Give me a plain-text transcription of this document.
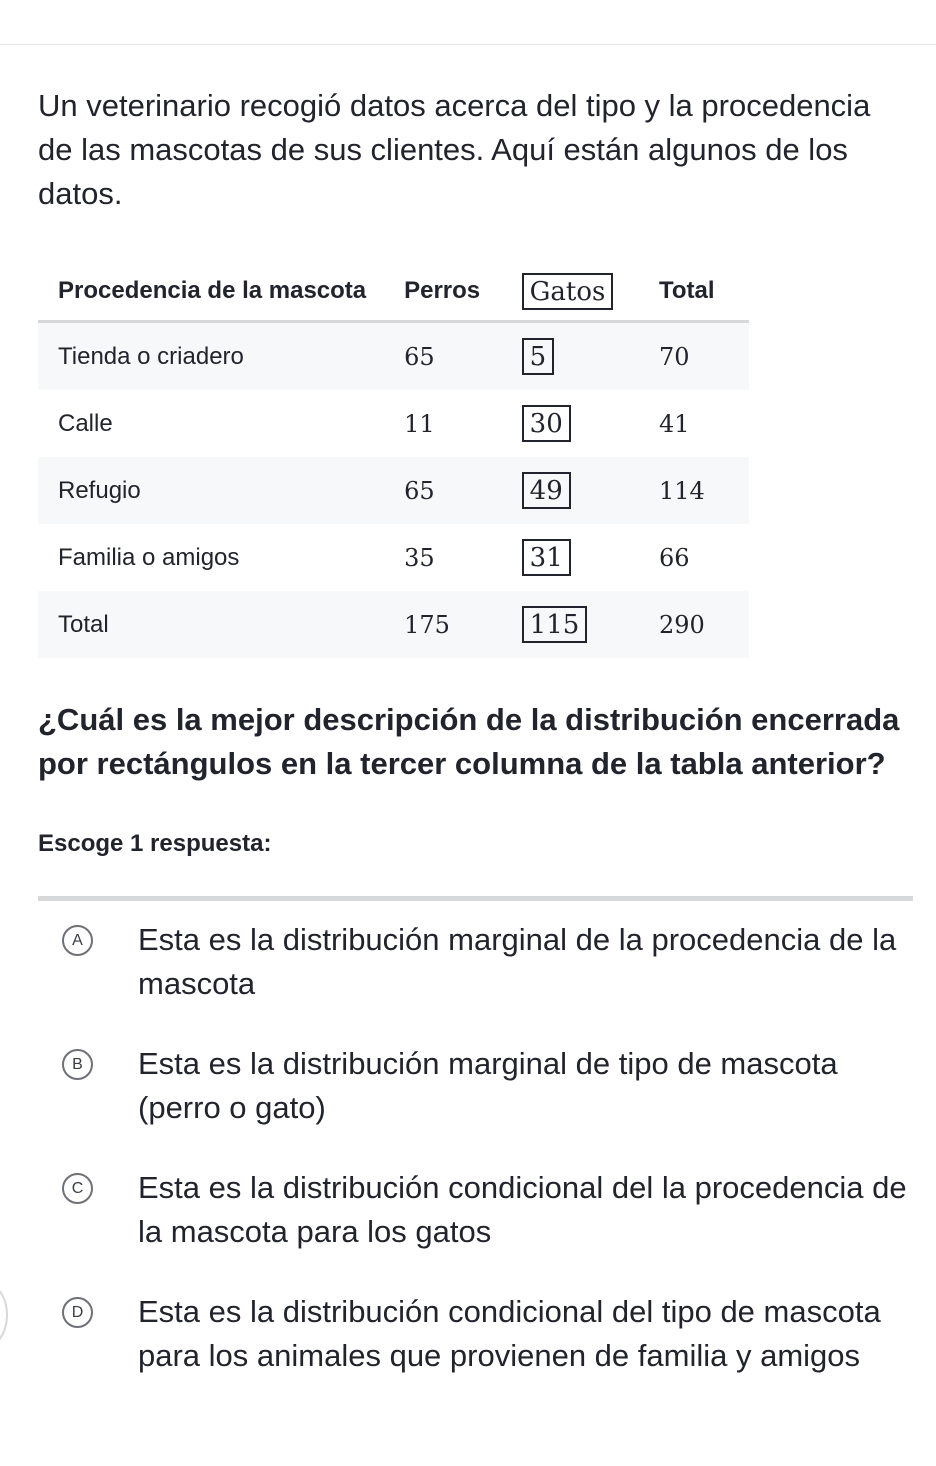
Un veterinario recogió datos acerca del tipo y la procedencia de las mascotas de sus clientes. Aquí están algunos de los datos.

Procedencia de la mascota	Perros	Gatos	Total
Tienda o criadero	65	5	70
Calle	11	30	41
Refugio	65	49	114
Familia o amigos	35	31	66
Total	175	115	290

¿Cuál es la mejor descripción de la distribución encerrada por rectángulos en la tercer columna de la tabla anterior?

Escoge 1 respuesta:

A	Esta es la distribución marginal de la procedencia de la mascota

B	Esta es la distribución marginal de tipo de mascota (perro o gato)

C	Esta es la distribución condicional del la procedencia de la mascota para los gatos

D	Esta es la distribución condicional del tipo de mascota para los animales que provienen de familia y amigos
